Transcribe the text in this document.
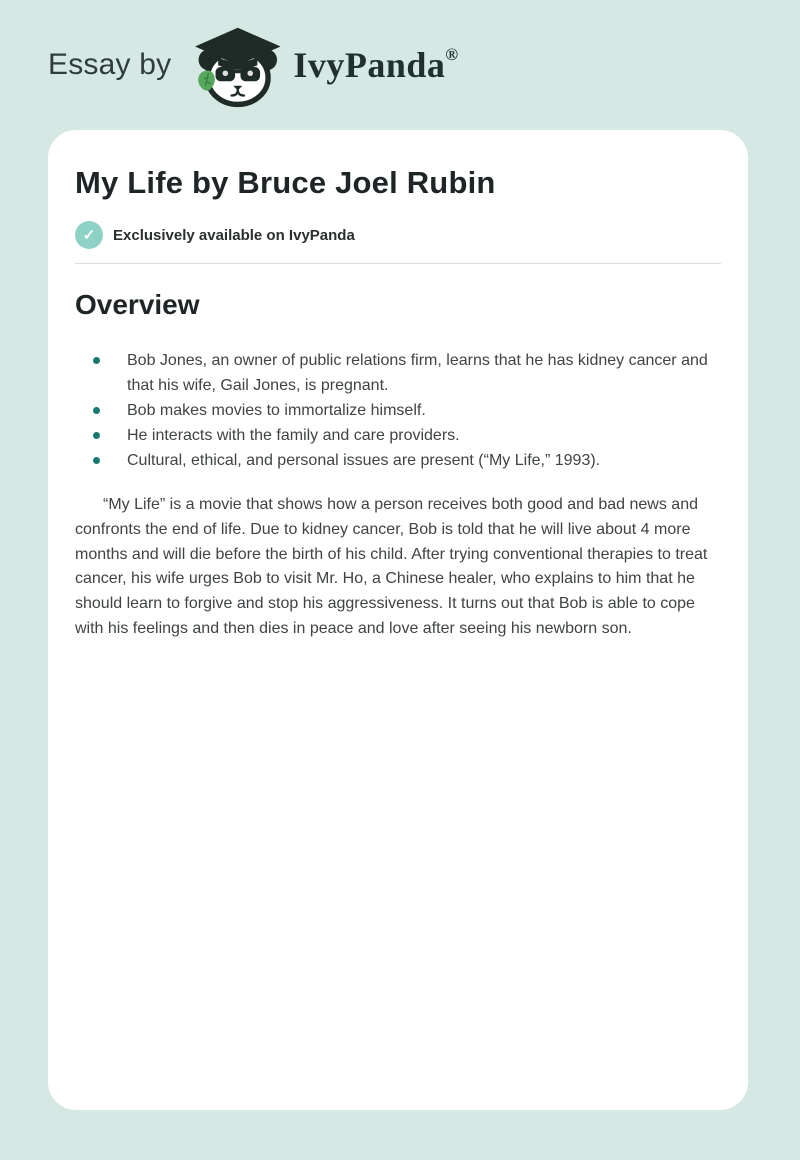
Essay by	IvyPanda®
My Life by Bruce Joel Rubin
✓	Exclusively available on IvyPanda
Overview
Bob Jones, an owner of public relations firm, learns that he has kidney cancer and that his wife, Gail Jones, is pregnant.
Bob makes movies to immortalize himself.
He interacts with the family and care providers.
Cultural, ethical, and personal issues are present (“My Life,” 1993).

“My Life” is a movie that shows how a person receives both good and bad news and confronts the end of life. Due to kidney cancer, Bob is told that he will live about 4 more months and will die before the birth of his child. After trying conventional therapies to treat cancer, his wife urges Bob to visit Mr. Ho, a Chinese healer, who explains to him that he should learn to forgive and stop his aggressiveness. It turns out that Bob is able to cope with his feelings and then dies in peace and love after seeing his newborn son.
